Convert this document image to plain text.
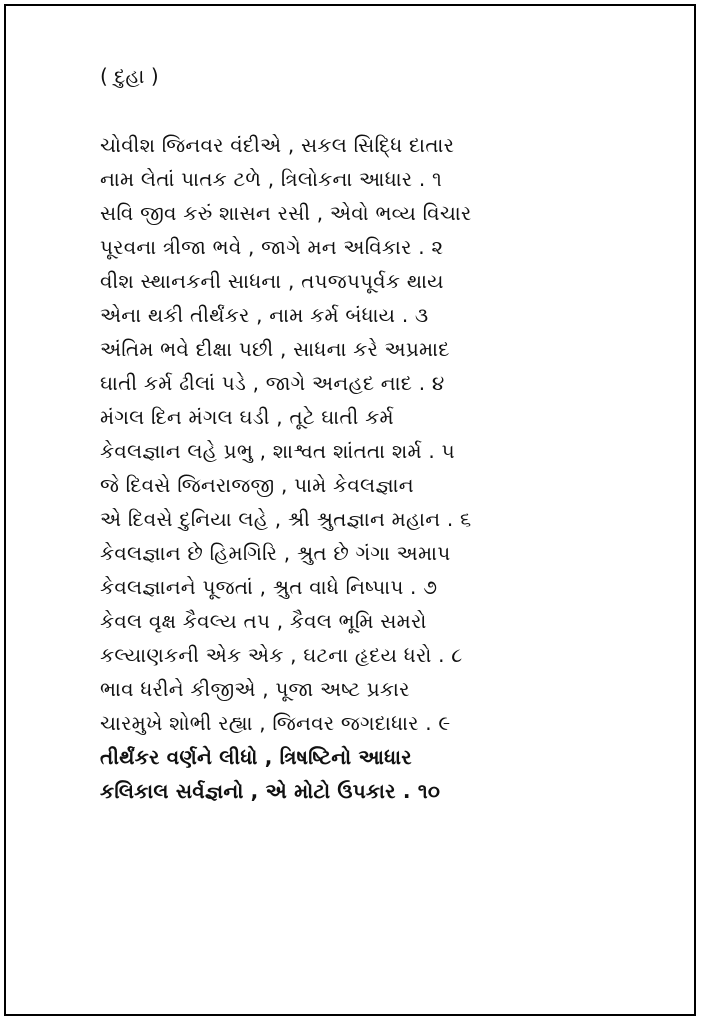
( દુહા )
ચોવીશ જિનવર વંદીએ , સકલ સિદ્ધિ દાતાર
નામ લેતાં પાતક ટળે , ત્રિલોકના આધાર . ૧
સવિ જીવ કરું શાસન રસી , એવો ભવ્ય વિચાર
પૂરવના ત્રીજા ભવે , જાગે મન અવિકાર . ૨
વીશ સ્થાનકની સાધના , તપજપપૂર્વક થાય
એના થકી તીર્થંકર , નામ કર્મ બંધાય . ૩
અંતિમ ભવે દીક્ષા પછી , સાધના કરે અપ્રમાદ
ઘાતી કર્મ ઢીલાં પડે , જાગે અનહદ નાદ . ૪
મંગલ દિન મંગલ ઘડી , તૂટે ઘાતી કર્મ
કેવલજ્ઞાન લહે પ્રભુ , શાશ્વત શાંતતા શર્મ . ૫
જે દિવસે જિનરાજજી , પામે કેવલજ્ઞાન
એ દિવસે દુનિયા લહે , શ્રી શ્રુતજ્ઞાન મહાન . ૬
કેવલજ્ઞાન છે હિમગિરિ , શ્રુત છે ગંગા અમાપ
કેવલજ્ઞાનને પૂજતાં , શ્રુત વાધે નિષ્પાપ . ૭
કેવલ વૃક્ષ કૈવલ્ય તપ , કૈવલ ભૂમિ સમરો
કલ્યાણકની એક એક , ઘટના હૃદય ધરો . ૮
ભાવ ધરીને કીજીએ , પૂજા અષ્ટ પ્રકાર
ચારમુખે શોભી રહ્યા , જિનવર જગદાધાર . ૯
તીર્થંકર વર્ણને લીધો , ત્રિષષ્ટિનો આધાર
કલિકાલ સર્વજ્ઞનો , એ મોટો ઉપકાર . ૧૦
